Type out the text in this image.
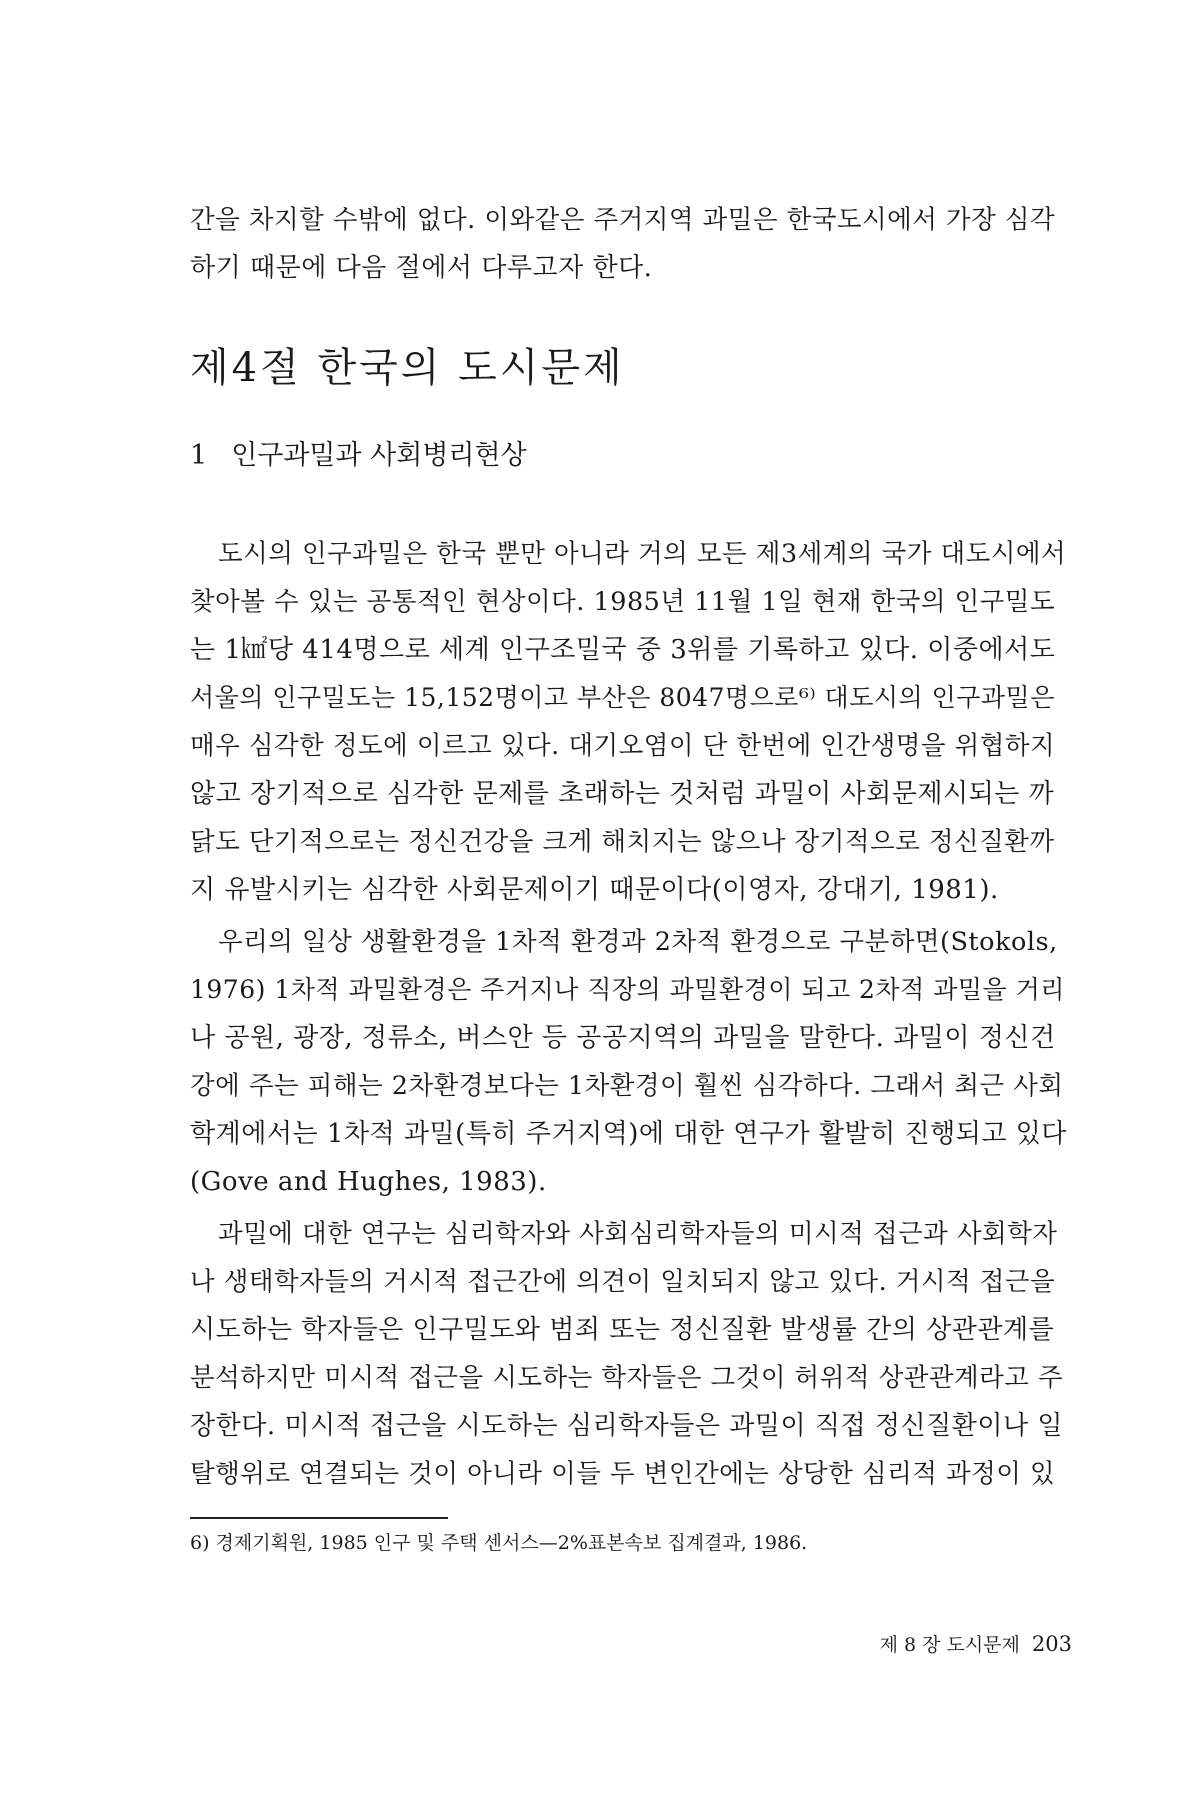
간을 차지할 수밖에 없다. 이와같은 주거지역 과밀은 한국도시에서 가장 심각
하기 때문에 다음 절에서 다루고자 한다.
제4절 한국의 도시문제
1 인구과밀과 사회병리현상
도시의 인구과밀은 한국 뿐만 아니라 거의 모든 제3세계의 국가 대도시에서
찾아볼 수 있는 공통적인 현상이다. 1985년 11월 1일 현재 한국의 인구밀도
는 1㎢당 414명으로 세계 인구조밀국 중 3위를 기록하고 있다. 이중에서도
서울의 인구밀도는 15,152명이고 부산은 8047명으로⁶⁾ 대도시의 인구과밀은
매우 심각한 정도에 이르고 있다. 대기오염이 단 한번에 인간생명을 위협하지
않고 장기적으로 심각한 문제를 초래하는 것처럼 과밀이 사회문제시되는 까
닭도 단기적으로는 정신건강을 크게 해치지는 않으나 장기적으로 정신질환까
지 유발시키는 심각한 사회문제이기 때문이다(이영자, 강대기, 1981).
우리의 일상 생활환경을 1차적 환경과 2차적 환경으로 구분하면(Stokols,
1976) 1차적 과밀환경은 주거지나 직장의 과밀환경이 되고 2차적 과밀을 거리
나 공원, 광장, 정류소, 버스안 등 공공지역의 과밀을 말한다. 과밀이 정신건
강에 주는 피해는 2차환경보다는 1차환경이 훨씬 심각하다. 그래서 최근 사회
학계에서는 1차적 과밀(특히 주거지역)에 대한 연구가 활발히 진행되고 있다
(Gove and Hughes, 1983).
과밀에 대한 연구는 심리학자와 사회심리학자들의 미시적 접근과 사회학자
나 생태학자들의 거시적 접근간에 의견이 일치되지 않고 있다. 거시적 접근을
시도하는 학자들은 인구밀도와 범죄 또는 정신질환 발생률 간의 상관관계를
분석하지만 미시적 접근을 시도하는 학자들은 그것이 허위적 상관관계라고 주
장한다. 미시적 접근을 시도하는 심리학자들은 과밀이 직접 정신질환이나 일
탈행위로 연결되는 것이 아니라 이들 두 변인간에는 상당한 심리적 과정이 있
6) 경제기획원, 1985 인구 및 주택 센서스—2%표본속보 집계결과, 1986.
제 8 장 도시문제 203
